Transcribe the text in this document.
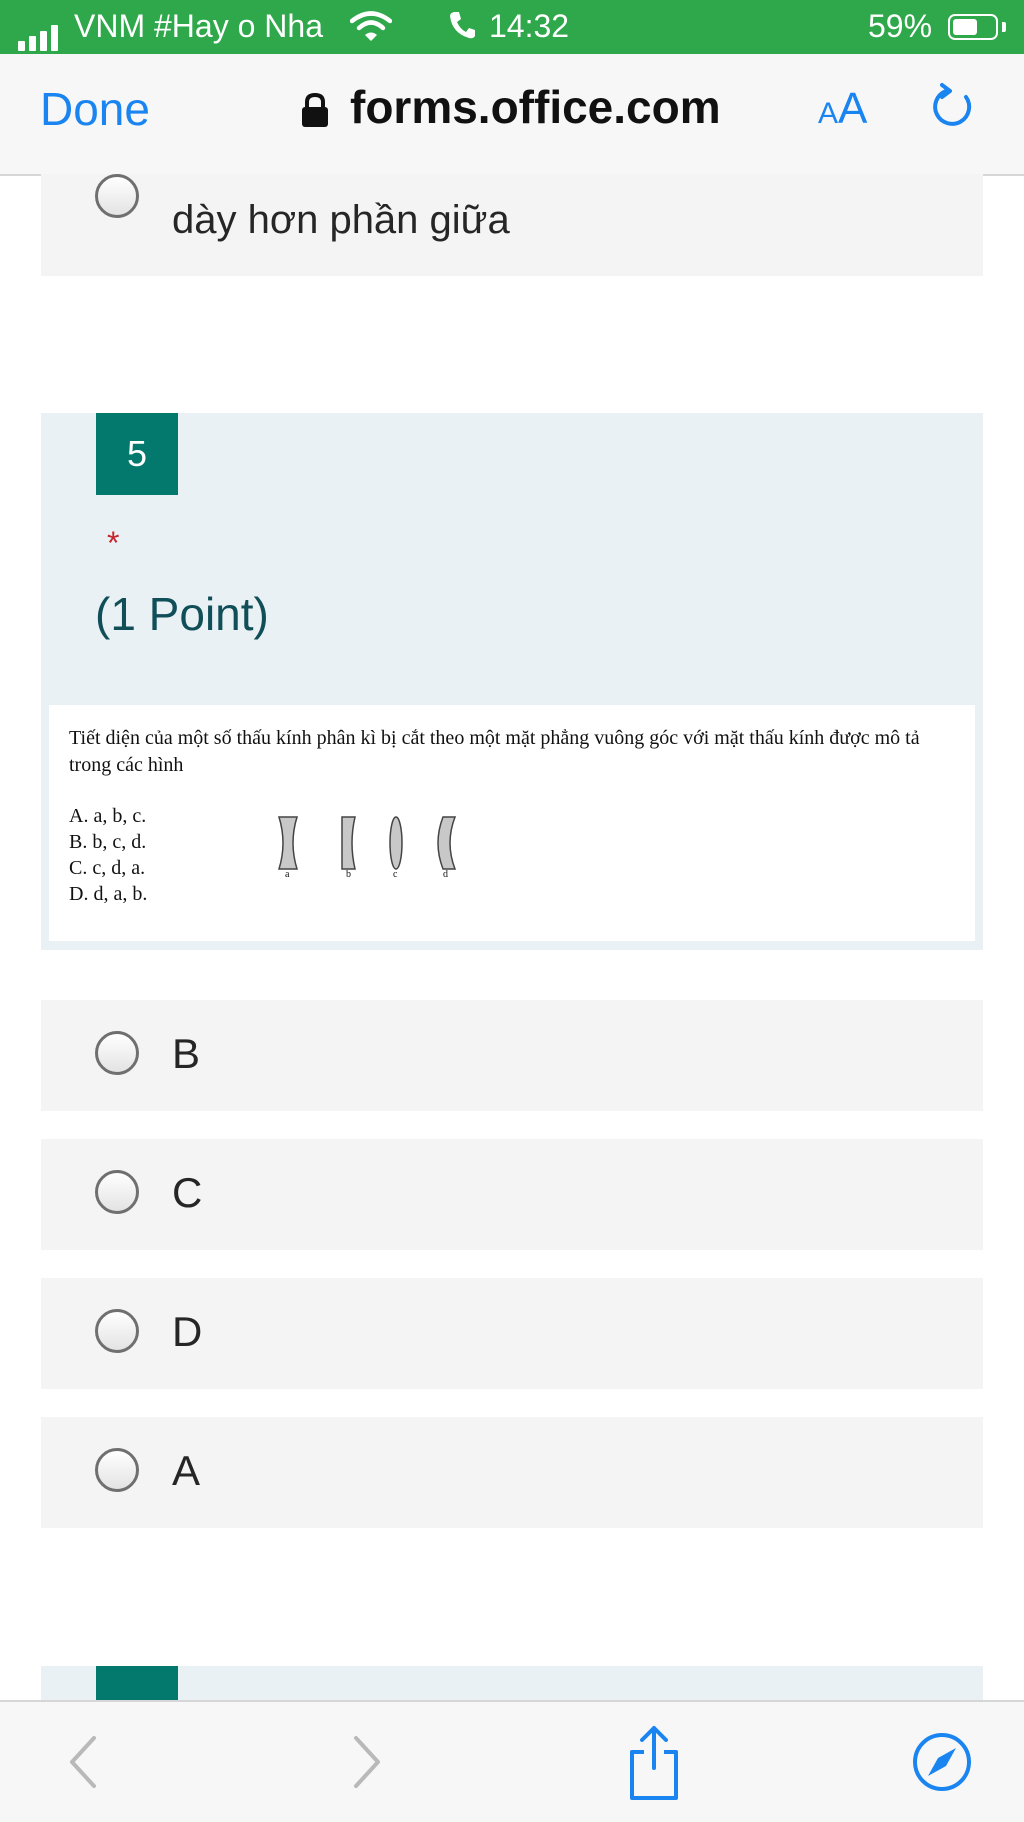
VNM #Hay o Nha	14:32	59%
Done	forms.office.com	AA
dày hơn phần giữa
5
*
(1 Point)
Tiết diện của một số thấu kính phân kì bị cắt theo một mặt phẳng vuông góc với mặt thấu kính được mô tả trong các hình
A. a, b, c.
B. b, c, d.
C. c, d, a.
D. d, a, b.
a	b	c	d
B
C
D
A
